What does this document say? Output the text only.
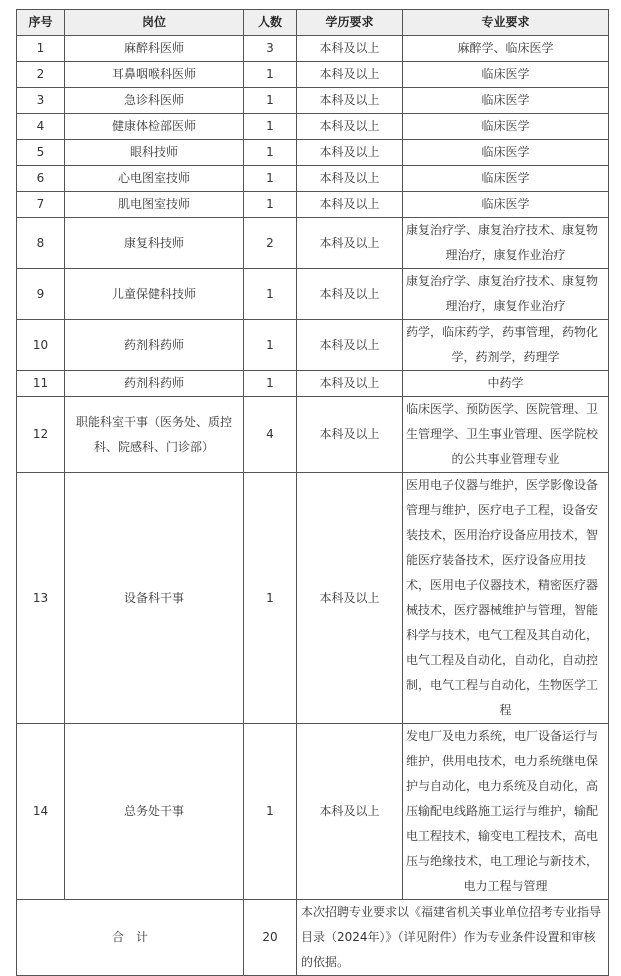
序号	岗位	人数	学历要求	专业要求
1	麻醉科医师	3	本科及以上	麻醉学、临床医学
2	耳鼻咽喉科医师	1	本科及以上	临床医学
3	急诊科医师	1	本科及以上	临床医学
4	健康体检部医师	1	本科及以上	临床医学
5	眼科技师	1	本科及以上	临床医学
6	心电图室技师	1	本科及以上	临床医学
7	肌电图室技师	1	本科及以上	临床医学
8	康复科技师	2	本科及以上	康复治疗学、康复治疗技术、康复物理治疗，康复作业治疗
9	儿童保健科技师	1	本科及以上	康复治疗学、康复治疗技术、康复物理治疗，康复作业治疗
10	药剂科药师	1	本科及以上	药学，临床药学，药事管理，药物化学，药剂学，药理学
11	药剂科药师	1	本科及以上	中药学
12	职能科室干事（医务处、质控科、院感科、门诊部）	4	本科及以上	临床医学、预防医学、医院管理、卫生管理学、卫生事业管理、医学院校的公共事业管理专业
13	设备科干事	1	本科及以上	医用电子仪器与维护，医学影像设备管理与维护，医疗电子工程，设备安装技术，医用治疗设备应用技术，智能医疗装备技术，医疗设备应用技术，医用电子仪器技术，精密医疗器械技术，医疗器械维护与管理，智能科学与技术，电气工程及其自动化，电气工程及自动化，自动化，自动控制，电气工程与自动化，生物医学工程
14	总务处干事	1	本科及以上	发电厂及电力系统，电厂设备运行与维护，供用电技术，电力系统继电保护与自动化，电力系统及自动化，高压输配电线路施工运行与维护，输配电工程技术，输变电工程技术，高电压与绝缘技术，电工理论与新技术，电力工程与管理
合　计		20	本次招聘专业要求以《福建省机关事业单位招考专业指导目录（2024年）》（详见附件）作为专业条件设置和审核的依据。	
